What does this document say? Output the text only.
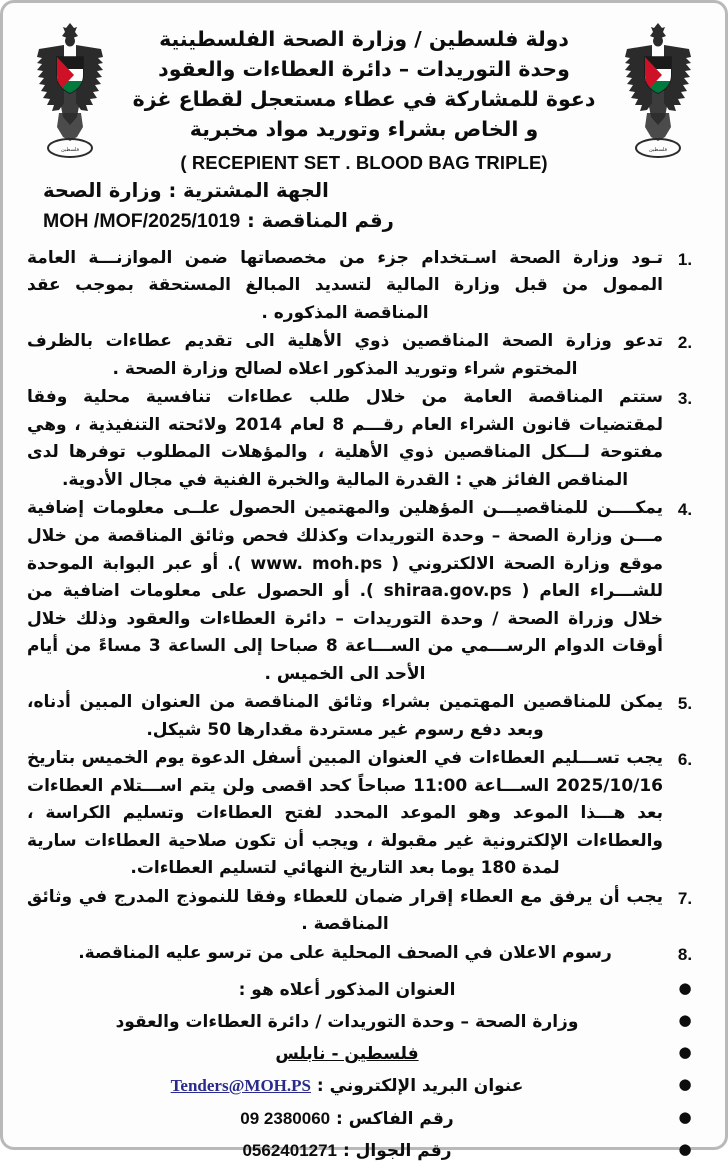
فلسطين
دولة فلسطين / وزارة الصحة الفلسطينية
وحدة التوريدات – دائرة العطاءات والعقود
دعوة للمشاركة في عطاء مستعجل لقطاع غزة
و الخاص بشراء وتوريد مواد مخبرية
( RECEPIENT SET . BLOOD BAG TRIPLE)
فلسطين
الجهة المشترية : وزارة الصحة
رقم المناقصة : MOH /MOF/2025/1019
1.
تـود وزارة الصحة اسـتخدام جزء من مخصصاتها ضمن الموازنـــة العامة الممول من قبل وزارة المالية لتسديد المبالغ المستحقة بموجب عقد المناقصة المذكوره .
2.
تدعو وزارة الصحة المناقصين ذوي الأهلية الى تقديم عطاءات بالظرف المختوم شراء وتوريد المذكور اعلاه لصالح وزارة الصحة .
3.
ستتم المناقصة العامة من خلال طلب عطاءات تنافسية محلية وفقا لمقتضيات قانون الشراء العام رقـــم 8 لعام 2014 ولائحته التنفيذية ، وهي مفتوحة لـــكل المناقصين ذوي الأهلية ، والمؤهلات المطلوب توفرها لدى المناقص الفائز هي : القدرة المالية والخبرة الفنية في مجال الأدوية.
4.
يمكــــن للمناقصيـــن المؤهلين والمهتمين الحصول علــى معلومات إضافية مـــن وزارة الصحة – وحدة التوريدات وكذلك فحص وثائق المناقصة من خلال موقع وزارة الصحة الالكتروني ( www. moh.ps ). أو عبر البوابة الموحدة للشـــراء العام ( shiraa.gov.ps ). أو الحصول على معلومات اضافية من خلال وزراة الصحة / وحدة التوريدات – دائرة العطاءات والعقود وذلك خلال أوقات الدوام الرســـمي من الســـاعة 8 صباحا إلى الساعة 3 مساءً من أيام الأحد الى الخميس .
5.
يمكن للمناقصين المهتمين بشراء وثائق المناقصة من العنوان المبين أدناه، وبعد دفع رسوم غير مستردة مقدارها 50 شيكل.
6.
يجب تســـليم العطاءات في العنوان المبين أسفل الدعوة يوم الخميس بتاريخ 2025/10/16 الســـاعة 11:00 صباحاً كحد اقصى ولن يتم اســـتلام العطاءات بعد هـــذا الموعد وهو الموعد المحدد لفتح العطاءات وتسليم الكراسة ، والعطاءات الإلكترونية غير مقبولة ، ويجب أن تكون صلاحية العطاءات سارية لمدة 180 يوما بعد التاريخ النهائي لتسليم العطاءات.
7.
يجب أن يرفق مع العطاء إقرار ضمان للعطاء وفقا للنموذج المدرج في وثائق المناقصة .
8.
رسوم الاعلان في الصحف المحلية على من ترسو عليه المناقصة.
●
العنوان المذكور أعلاه هو :
●
وزارة الصحة – وحدة التوريدات / دائرة العطاءات والعقود
●
فلسطين - نابلس
●
عنوان البريد الإلكتروني : Tenders@MOH.PS
●
رقم الفاكس : 09 2380060
●
رقم الجوال : 0562401271
